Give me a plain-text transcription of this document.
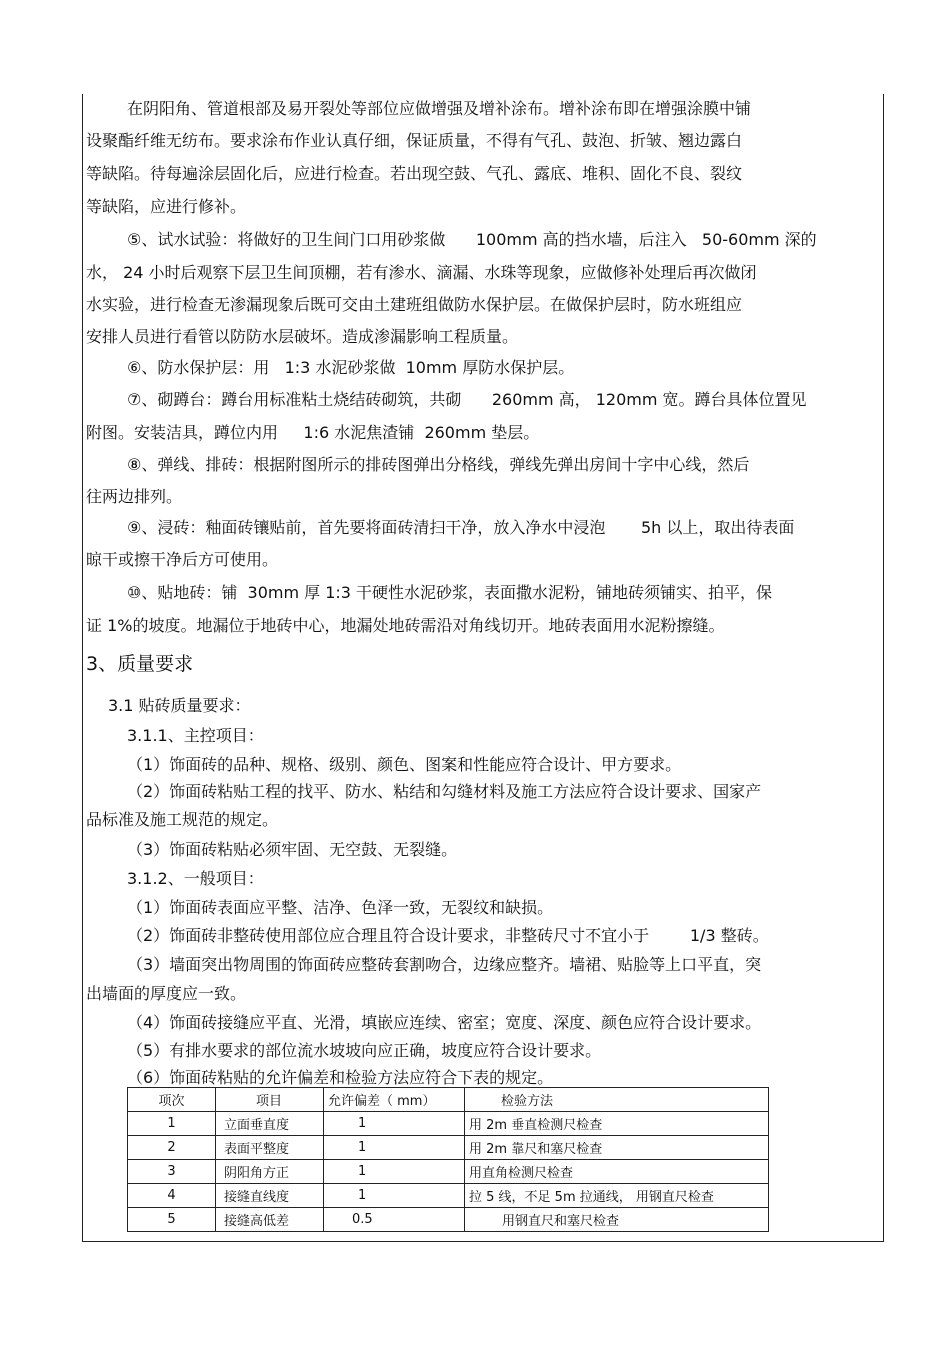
在阴阳角、管道根部及易开裂处等部位应做增强及增补涂布。增补涂布即在增强涂膜中铺
设聚酯纤维无纺布。要求涂布作业认真仔细，保证质量，不得有气孔、鼓泡、折皱、翘边露白
等缺陷。待每遍涂层固化后，应进行检查。若出现空鼓、气孔、露底、堆积、固化不良、裂纹
等缺陷，应进行修补。
⑤、试水试验：将做好的卫生间门口用砂浆做      100mm 高的挡水墙，后注入   50-60mm 深的
水， 24 小时后观察下层卫生间顶棚，若有渗水、滴漏、水珠等现象，应做修补处理后再次做闭
水实验，进行检查无渗漏现象后既可交由土建班组做防水保护层。在做保护层时，防水班组应
安排人员进行看管以防防水层破坏。造成渗漏影响工程质量。
⑥、防水保护层：用   1:3 水泥砂浆做  10mm 厚防水保护层。
⑦、砌蹲台：蹲台用标准粘土烧结砖砌筑，共砌      260mm 高， 120mm 宽。蹲台具体位置见
附图。安装洁具，蹲位内用     1:6 水泥焦渣铺  260mm 垫层。
⑧、弹线、排砖：根据附图所示的排砖图弹出分格线，弹线先弹出房间十字中心线，然后
往两边排列。
⑨、浸砖：釉面砖镶贴前，首先要将面砖清扫干净，放入净水中浸泡       5h 以上，取出待表面
晾干或擦干净后方可使用。
⑩、贴地砖：铺  30mm 厚 1:3 干硬性水泥砂浆，表面撒水泥粉，铺地砖须铺实、拍平，保
证 1%的坡度。地漏位于地砖中心，地漏处地砖需沿对角线切开。地砖表面用水泥粉擦缝。
3、质量要求
3.1 贴砖质量要求：
3.1.1、主控项目：
（1）饰面砖的品种、规格、级别、颜色、图案和性能应符合设计、甲方要求。
（2）饰面砖粘贴工程的找平、防水、粘结和勾缝材料及施工方法应符合设计要求、国家产
品标准及施工规范的规定。
（3）饰面砖粘贴必须牢固、无空鼓、无裂缝。
3.1.2、一般项目：
（1）饰面砖表面应平整、洁净、色泽一致，无裂纹和缺损。
（2）饰面砖非整砖使用部位应合理且符合设计要求，非整砖尺寸不宜小于        1/3 整砖。
（3）墙面突出物周围的饰面砖应整砖套割吻合，边缘应整齐。墙裙、贴脸等上口平直，突
出墙面的厚度应一致。
（4）饰面砖接缝应平直、光滑，填嵌应连续、密室；宽度、深度、颜色应符合设计要求。
（5）有排水要求的部位流水坡坡向应正确，坡度应符合设计要求。
（6）饰面砖粘贴的允许偏差和检验方法应符合下表的规定。
项次	项目	允许偏差（ mm）	检验方法
1	立面垂直度	1	用 2m 垂直检测尺检查
2	表面平整度	1	用 2m 靠尺和塞尺检查
3	阴阳角方正	1	用直角检测尺检查
4	接缝直线度	1	拉 5 线，不足 5m 拉通线， 用钢直尺检查
5	接缝高低差	0.5	用钢直尺和塞尺检查
